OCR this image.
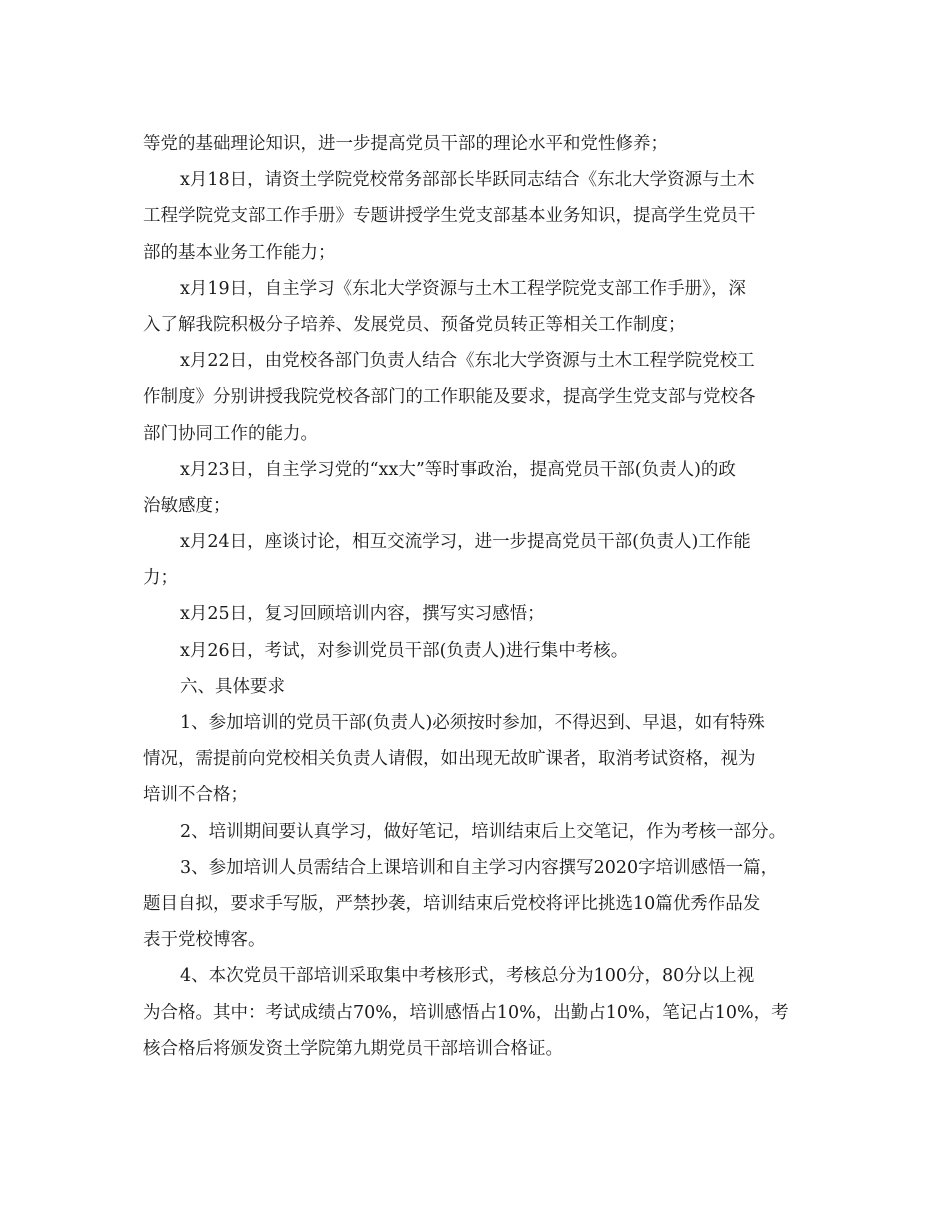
等党的基础理论知识，进一步提高党员干部的理论水平和党性修养；
x月18日，请资土学院党校常务部部长毕跃同志结合《东北大学资源与土木
工程学院党支部工作手册》专题讲授学生党支部基本业务知识，提高学生党员干
部的基本业务工作能力；
x月19日，自主学习《东北大学资源与土木工程学院党支部工作手册》，深
入了解我院积极分子培养、发展党员、预备党员转正等相关工作制度；
x月22日，由党校各部门负责人结合《东北大学资源与土木工程学院党校工
作制度》分别讲授我院党校各部门的工作职能及要求，提高学生党支部与党校各
部门协同工作的能力。
x月23日，自主学习党的“xx大”等时事政治，提高党员干部(负责人)的政
治敏感度；
x月24日，座谈讨论，相互交流学习，进一步提高党员干部(负责人)工作能
力；
x月25日，复习回顾培训内容，撰写实习感悟；
x月26日，考试，对参训党员干部(负责人)进行集中考核。
六、具体要求
1、参加培训的党员干部(负责人)必须按时参加，不得迟到、早退，如有特殊
情况，需提前向党校相关负责人请假，如出现无故旷课者，取消考试资格，视为
培训不合格；
2、培训期间要认真学习，做好笔记，培训结束后上交笔记，作为考核一部分。
3、参加培训人员需结合上课培训和自主学习内容撰写2020字培训感悟一篇，
题目自拟，要求手写版，严禁抄袭，培训结束后党校将评比挑选10篇优秀作品发
表于党校博客。
4、本次党员干部培训采取集中考核形式，考核总分为100分，80分以上视
为合格。其中：考试成绩占70%，培训感悟占10%，出勤占10%，笔记占10%，考
核合格后将颁发资土学院第九期党员干部培训合格证。
